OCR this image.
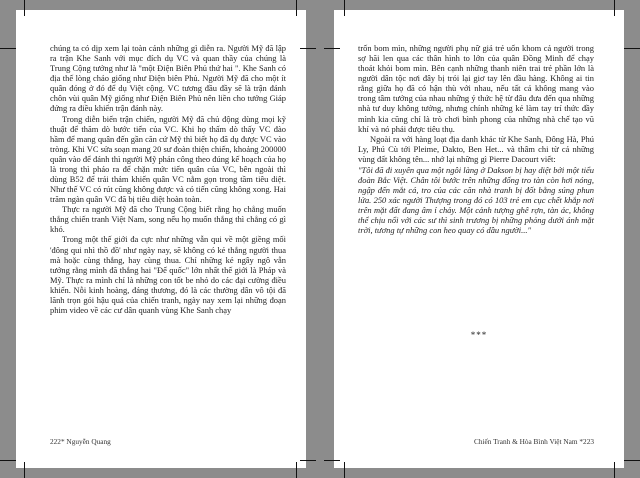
chúng ta có dịp xem lại toàn cảnh những gì diễn ra. Người Mỹ đã lập ra trận Khe Sanh với mục đích dụ VC và quan thầy của chúng là Trung Cộng tưởng như là "một Điện Biên Phủ thứ hai ". Khe Sanh có địa thế lòng chảo giống như Điện biên Phủ. Người Mỹ đã cho một ít quân đóng ở đó để dụ Việt cộng. VC tương đầu đầy sẽ là trận đánh chôn vùi quân Mỹ giống như Điện Biên Phủ nên liền cho tướng Giáp đứng ra điều khiển trận đánh này.

Trong diễn biến trận chiến, người Mỹ đã chủ động dùng mọi kỹ thuật để thăm dò bước tiến của VC. Khi họ thấm dò thấy VC đào hầm để mang quân đến gần căn cứ Mỹ thì biết họ đã dụ được VC vào tròng. Khi VC sửa soạn mang 20 sư đoàn thiện chiến, khoảng 200000 quân vào để đánh thì người Mỹ phản công theo đúng kế hoạch của họ là trong thì pháo ra để chặn mức tiến quân của VC, bên ngoài thì dùng B52 để trải thảm khiến quân VC nằm gọn trong tầm tiêu diệt. Như thế VC có rút cũng không được và có tiến cũng không xong. Hai trăm ngàn quân VC đã bị tiêu diệt hoàn toàn.

Thực ra người Mỹ đã cho Trung Cộng biết rằng họ chẳng muốn thắng chiến tranh Việt Nam, song nếu họ muốn thắng thì chẳng có gì khó.

Trong một thế giới đa cực như những vẫn qui về một giềng mối 'đông qui nhì thồ đồ' như ngày nay, sẽ không có kẻ thắng người thua mà hoặc cùng thắng, hay cùng thua. Chỉ những kẻ ngây ngô vẫn tưởng rằng mình đã thắng hai "Đế quốc" lớn nhất thế giới là Pháp và Mỹ. Thực ra mình chỉ là những con tốt be nhỏ do các đại cường điều khiển. Nỗi kinh hoàng, đáng thương, đó là các thường dân vô tội đã lãnh trọn gói hậu quả của chiến tranh, ngày nay xem lại những đoạn phim video về các cư dân quanh vùng Khe Sanh chạy

222* Nguyễn Quang

trốn bom mìn, những người phụ nữ giả trẻ uốn khom cả người trong sợ hãi len qua các thân hình to lớn của quân Đồng Minh để chạy thoát khỏi bom mìn. Bên cạnh những thanh niên trai trẻ phần lớn là người dân tộc nơi đây bị trói lại giơ tay lên đầu hàng. Không ai tin rằng giữa họ đã có hận thù với nhau, nếu tất cả không mang vào trong tâm tưởng của nhau những ý thức hệ từ đâu đưa đến qua những nhà tư duy không tưởng, nhưng chính những kẻ làm tay trí thức đầy mình kia cũng chỉ là trò chơi bình phong của những nhà chế tạo vũ khí và nó phải được tiêu thụ.

Ngoài ra với hàng loạt địa danh khác từ Khe Sanh, Đông Hà, Phú Ly, Phú Cù tới Pleime, Dakto, Ben Het... và thâm chi từ cả những vùng đất không tên... nhớ lại những gì Pierre Dacourt viết:

"Tôi đã đi xuyên qua một ngôi làng ở Dakson bị hay diệt bởi một tiểu đoàn Bắc Việt. Chân tôi bước trên những đống tro tàn còn hơi nóng, ngập đến mắt cá, tro của các căn nhà tranh bị đốt bằng súng phun lửa. 250 xác người Thượng trong đó có 103 trẻ em cục chết khắp nơi trên mặt đất đang âm ỉ chảy. Một cảnh tượng ghê rợn, tàn ác, không thể chịu nổi với các sư thì sinh trương bị những phỏng dưới ánh mặt trời, tương tự những con heo quay có dầu người..."

***
Chiến Tranh & Hòa Bình Việt Nam *223
